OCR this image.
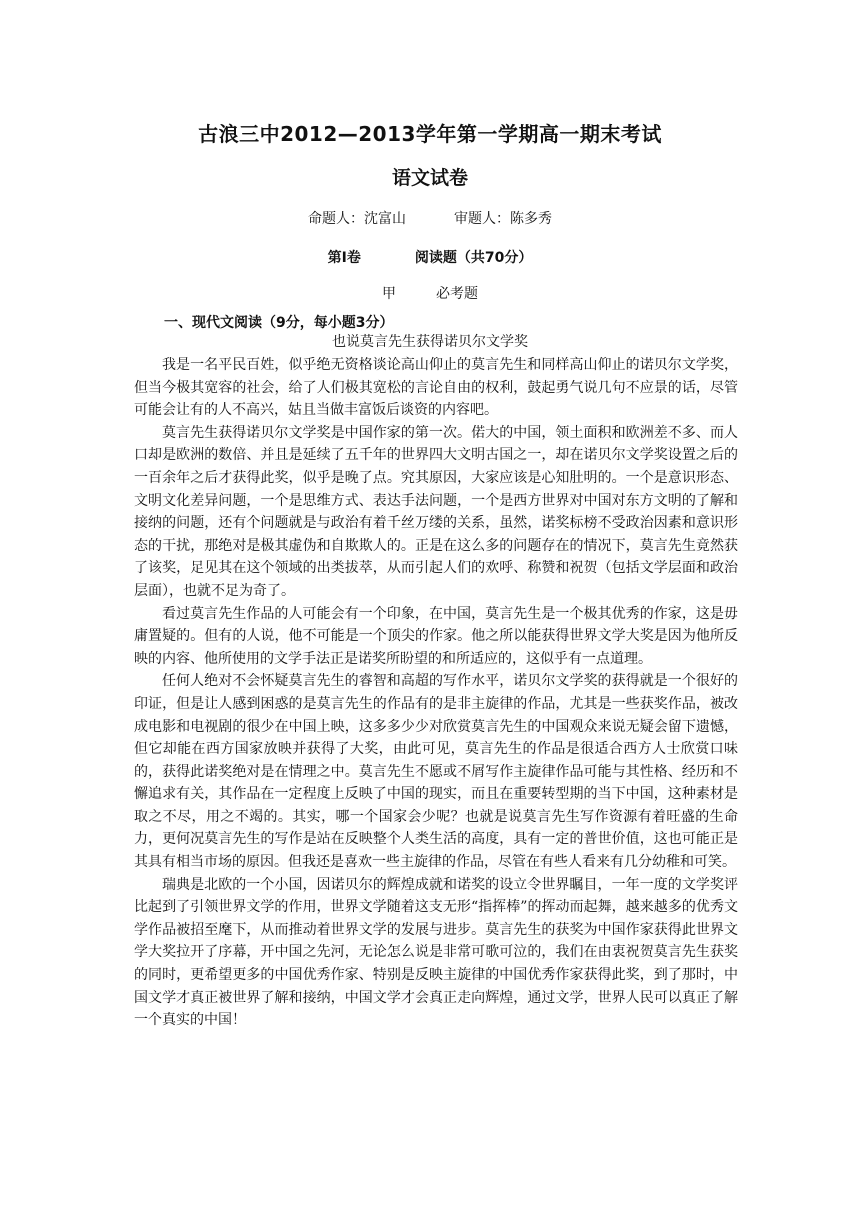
古浪三中2012—2013学年第一学期高一期末考试
语文试卷
命题人：沈富山	审题人：陈多秀
第Ⅰ卷	阅读题（共70分）
甲	必考题
一、现代文阅读（9分，每小题3分）
也说莫言先生获得诺贝尔文学奖

我是一名平民百姓，似乎绝无资格谈论高山仰止的莫言先生和同样高山仰止的诺贝尔文学奖，但当今极其宽容的社会，给了人们极其宽松的言论自由的权利，鼓起勇气说几句不应景的话，尽管可能会让有的人不高兴，姑且当做丰富饭后谈资的内容吧。

莫言先生获得诺贝尔文学奖是中国作家的第一次。偌大的中国，领土面积和欧洲差不多、而人口却是欧洲的数倍、并且是延续了五千年的世界四大文明古国之一，却在诺贝尔文学奖设置之后的一百余年之后才获得此奖，似乎是晚了点。究其原因，大家应该是心知肚明的。一个是意识形态、文明文化差异问题，一个是思维方式、表达手法问题，一个是西方世界对中国对东方文明的了解和接纳的问题，还有个问题就是与政治有着千丝万缕的关系，虽然，诺奖标榜不受政治因素和意识形态的干扰，那绝对是极其虚伪和自欺欺人的。正是在这么多的问题存在的情况下，莫言先生竟然获了该奖，足见其在这个领域的出类拔萃，从而引起人们的欢呼、称赞和祝贺（包括文学层面和政治层面），也就不足为奇了。

看过莫言先生作品的人可能会有一个印象，在中国，莫言先生是一个极其优秀的作家，这是毋庸置疑的。但有的人说，他不可能是一个顶尖的作家。他之所以能获得世界文学大奖是因为他所反映的内容、他所使用的文学手法正是诺奖所盼望的和所适应的，这似乎有一点道理。

任何人绝对不会怀疑莫言先生的睿智和高超的写作水平，诺贝尔文学奖的获得就是一个很好的印证，但是让人感到困惑的是莫言先生的作品有的是非主旋律的作品，尤其是一些获奖作品，被改成电影和电视剧的很少在中国上映，这多多少少对欣赏莫言先生的中国观众来说无疑会留下遗憾，但它却能在西方国家放映并获得了大奖，由此可见，莫言先生的作品是很适合西方人士欣赏口味的，获得此诺奖绝对是在情理之中。莫言先生不愿或不屑写作主旋律作品可能与其性格、经历和不懈追求有关，其作品在一定程度上反映了中国的现实，而且在重要转型期的当下中国，这种素材是取之不尽，用之不竭的。其实，哪一个国家会少呢？也就是说莫言先生写作资源有着旺盛的生命力，更何况莫言先生的写作是站在反映整个人类生活的高度，具有一定的普世价值，这也可能正是其具有相当市场的原因。但我还是喜欢一些主旋律的作品，尽管在有些人看来有几分幼稚和可笑。

瑞典是北欧的一个小国，因诺贝尔的辉煌成就和诺奖的设立令世界瞩目，一年一度的文学奖评比起到了引领世界文学的作用，世界文学随着这支无形“指挥棒”的挥动而起舞，越来越多的优秀文学作品被招至麾下，从而推动着世界文学的发展与进步。莫言先生的获奖为中国作家获得此世界文学大奖拉开了序幕，开中国之先河，无论怎么说是非常可歌可泣的，我们在由衷祝贺莫言先生获奖的同时，更希望更多的中国优秀作家、特别是反映主旋律的中国优秀作家获得此奖，到了那时，中国文学才真正被世界了解和接纳，中国文学才会真正走向辉煌，通过文学，世界人民可以真正了解一个真实的中国！
